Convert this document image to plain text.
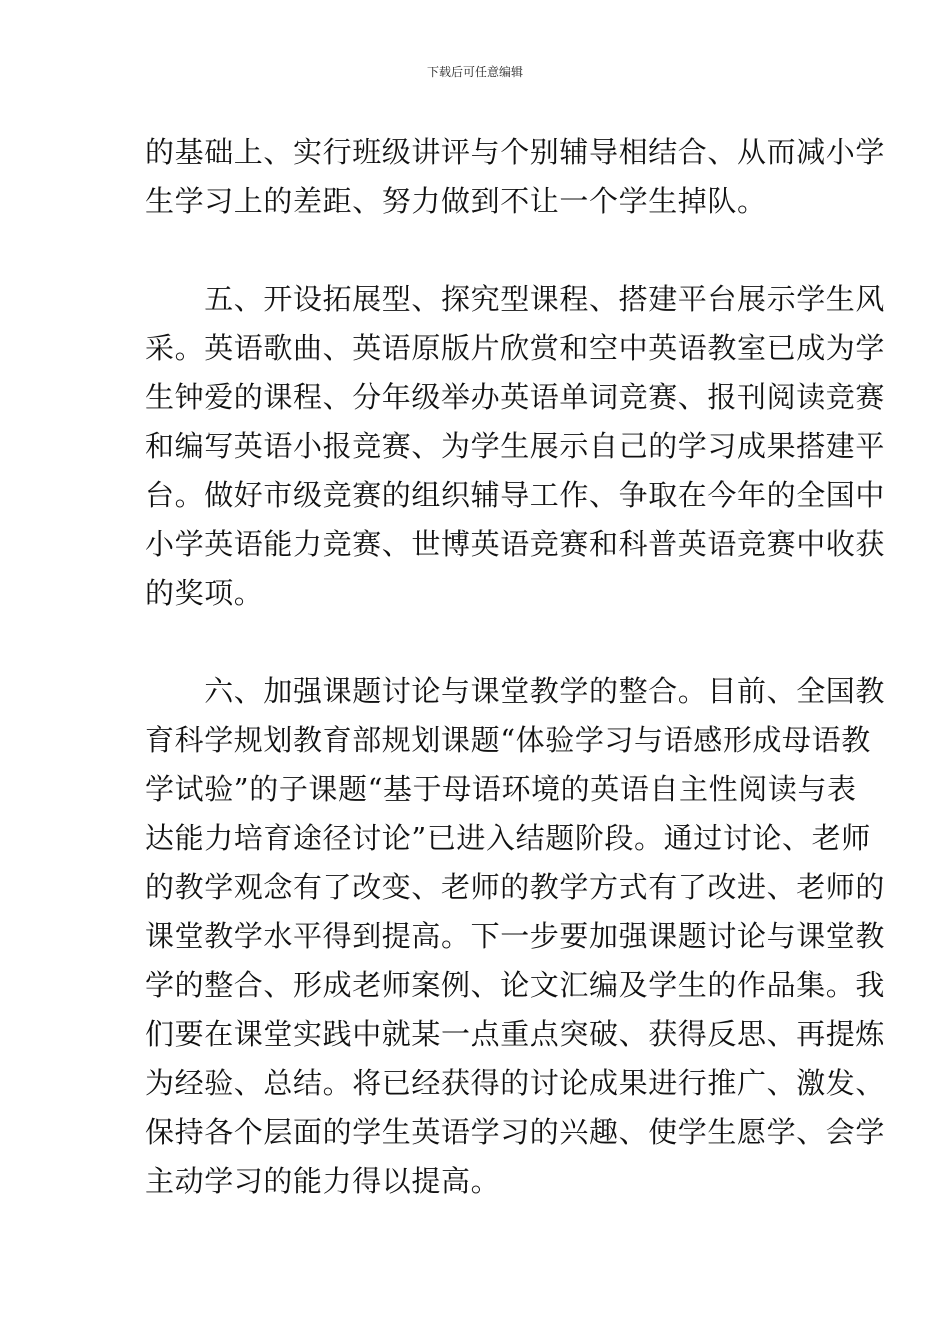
下载后可任意编辑

的基础上、实行班级讲评与个别辅导相结合、从而减小学
生学习上的差距、努力做到不让一个学生掉队。

　　五、开设拓展型、探究型课程、搭建平台展示学生风
采。英语歌曲、英语原版片欣赏和空中英语教室已成为学
生钟爱的课程、分年级举办英语单词竞赛、报刊阅读竞赛
和编写英语小报竞赛、为学生展示自己的学习成果搭建平
台。做好市级竞赛的组织辅导工作、争取在今年的全国中
小学英语能力竞赛、世博英语竞赛和科普英语竞赛中收获
的奖项。

　　六、加强课题讨论与课堂教学的整合。目前、全国教
育科学规划教育部规划课题“体验学习与语感形成母语教
学试验”的子课题“基于母语环境的英语自主性阅读与表
达能力培育途径讨论”已进入结题阶段。通过讨论、老师
的教学观念有了改变、老师的教学方式有了改进、老师的
课堂教学水平得到提高。下一步要加强课题讨论与课堂教
学的整合、形成老师案例、论文汇编及学生的作品集。我
们要在课堂实践中就某一点重点突破、获得反思、再提炼
为经验、总结。将已经获得的讨论成果进行推广、激发、
保持各个层面的学生英语学习的兴趣、使学生愿学、会学
主动学习的能力得以提高。
